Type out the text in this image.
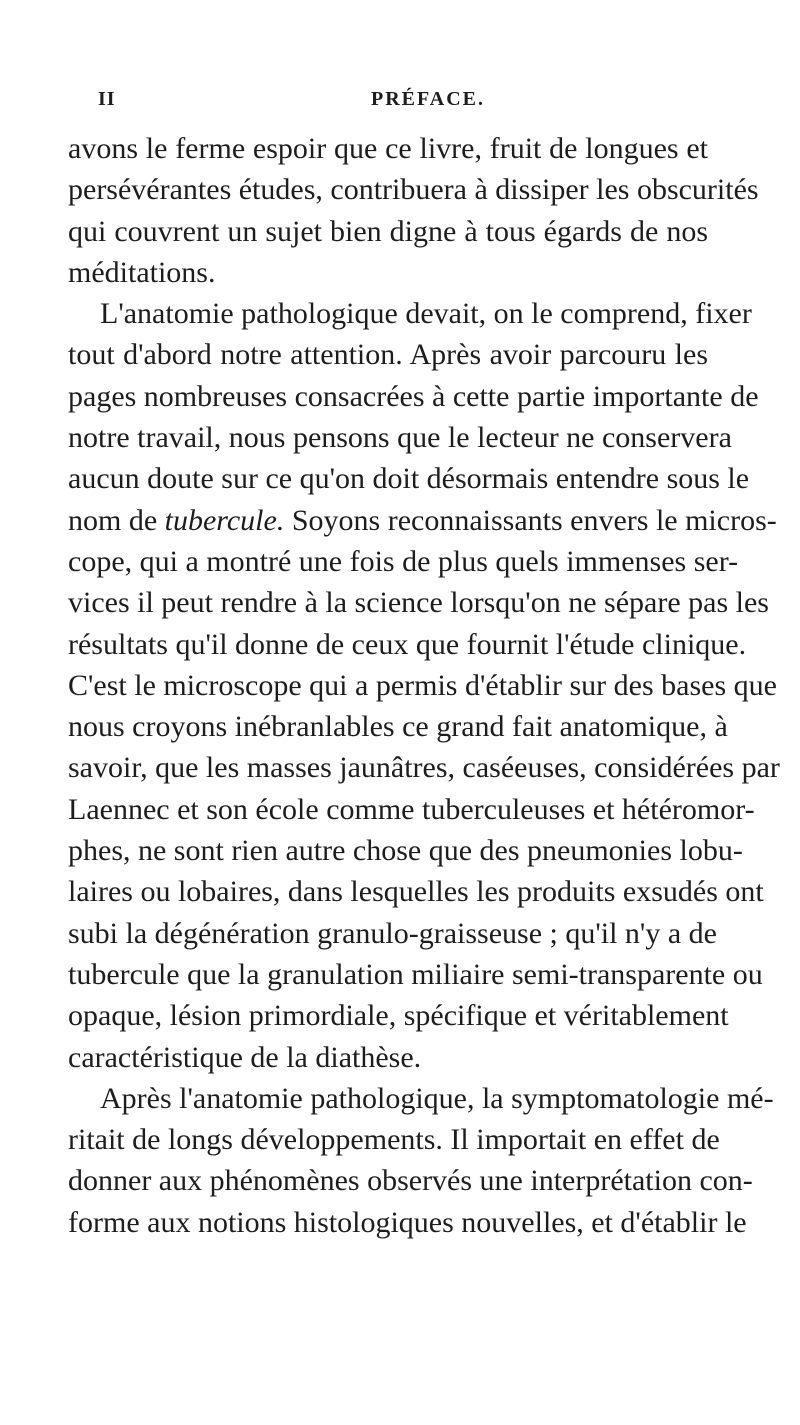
II	PRÉFACE.
avons le ferme espoir que ce livre, fruit de longues et
persévérantes études, contribuera à dissiper les obscurités
qui couvrent un sujet bien digne à tous égards de nos
méditations.
L'anatomie pathologique devait, on le comprend, fixer
tout d'abord notre attention. Après avoir parcouru les
pages nombreuses consacrées à cette partie importante de
notre travail, nous pensons que le lecteur ne conservera
aucun doute sur ce qu'on doit désormais entendre sous le
nom de tubercule. Soyons reconnaissants envers le micros-
cope, qui a montré une fois de plus quels immenses ser-
vices il peut rendre à la science lorsqu'on ne sépare pas les
résultats qu'il donne de ceux que fournit l'étude clinique.
C'est le microscope qui a permis d'établir sur des bases que
nous croyons inébranlables ce grand fait anatomique, à
savoir, que les masses jaunâtres, caséeuses, considérées par
Laennec et son école comme tuberculeuses et hétéromor-
phes, ne sont rien autre chose que des pneumonies lobu-
laires ou lobaires, dans lesquelles les produits exsudés ont
subi la dégénération granulo-graisseuse ; qu'il n'y a de
tubercule que la granulation miliaire semi-transparente ou
opaque, lésion primordiale, spécifique et véritablement
caractéristique de la diathèse.
Après l'anatomie pathologique, la symptomatologie mé-
ritait de longs développements. Il importait en effet de
donner aux phénomènes observés une interprétation con-
forme aux notions histologiques nouvelles, et d'établir le
